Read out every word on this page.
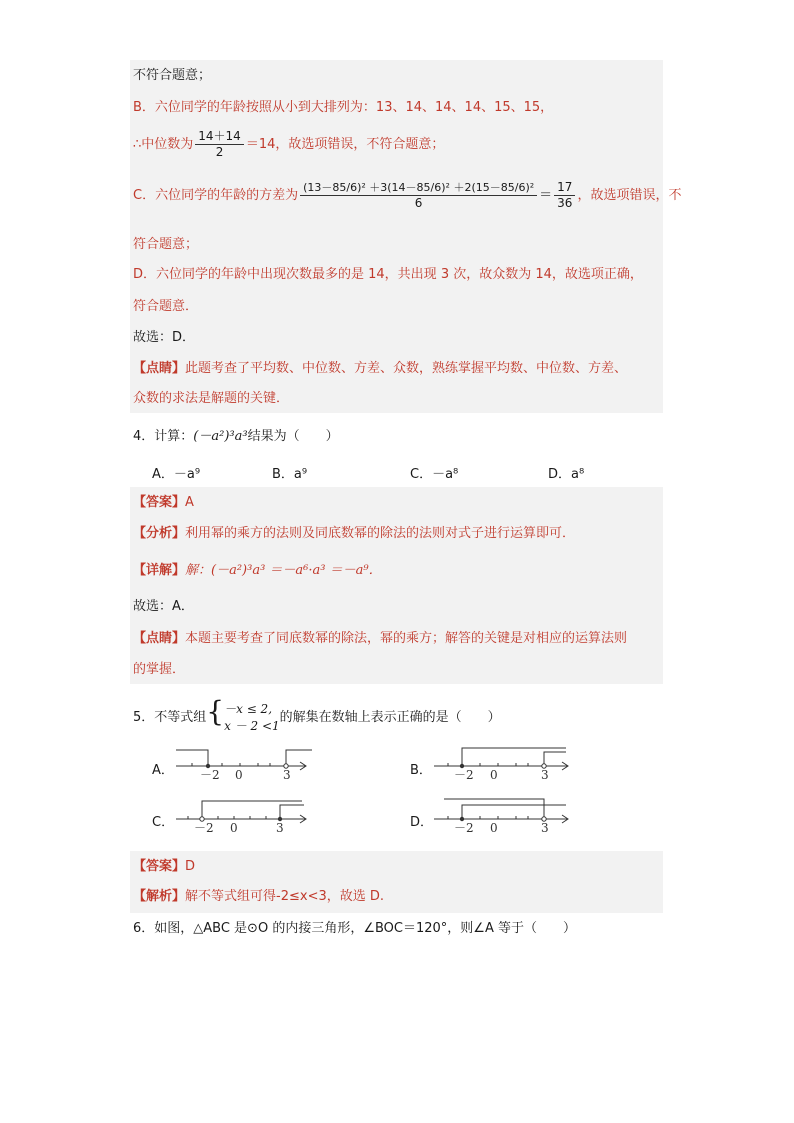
不符合题意；
B．六位同学的年龄按照从小到大排列为：13、14、14、14、15、15，
∴中位数为 $\frac{14+14}{2} =14$，故选项错误，不符合题意；
C．六位同学的年龄的方差为 $\frac{\text{(13－85/6)² ＋3(14－85/6)² ＋2(15－85/6)²}}{6} = \frac{17}{36}$ ，故选项错误，不
符合题意；
D．六位同学的年龄中出现次数最多的是 14，共出现 3 次，故众数为 14，故选项正确，
符合题意．
故选：D．
【点睛】此题考查了平均数、中位数、方差、众数，熟练掌握平均数、中位数、方差、
众数的求法是解题的关键．
4．计算：(－a²)³a³结果为（　　）
A．－a⁹	B．a⁹	C．－a⁸	D．a⁸
【答案】A
【分析】利用幂的乘方的法则及同底数幂的除法的法则对式子进行运算即可．
【详解】解：(－a²)³a³ ＝－a⁶·a³ ＝－a⁹．
故选：A．
【点睛】本题主要考查了同底数幂的除法，幂的乘方；解答的关键是对相应的运算法则
的掌握．
5．不等式组{ －x ≤ 2,
x － 2 <1
的解集在数轴上表示正确的是（　　）
A． －2 0	3	B． －2 0	3
C． －2 0	3	D． －2 0	3
【答案】D
【解析】解不等式组可得-2≤x<3，故选 D.
6．如图，△ABC 是⊙O 的内接三角形，∠BOC＝120°，则∠A 等于（　　）
